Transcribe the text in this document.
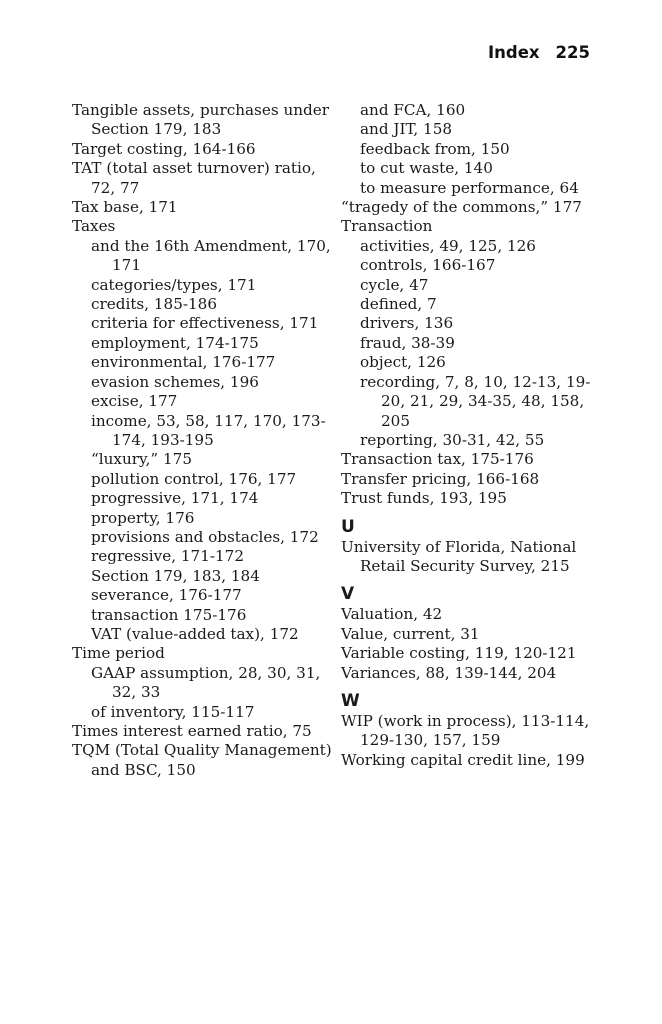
Index 225
Tangible assets, purchases under Section 179, 183
Target costing, 164-166
TAT (total asset turnover) ratio, 72, 77
Tax base, 171
Taxes
and the 16th Amendment, 170, 171
categories/types, 171
credits, 185-186
criteria for effectiveness, 171
employment, 174-175
environmental, 176-177
evasion schemes, 196
excise, 177
income, 53, 58, 117, 170, 173-174, 193-195
“luxury,” 175
pollution control, 176, 177
progressive, 171, 174
property, 176
provisions and obstacles, 172
regressive, 171-172
Section 179, 183, 184
severance, 176-177
transaction 175-176
VAT (value-added tax), 172
Time period
GAAP assumption, 28, 30, 31, 32, 33
of inventory, 115-117
Times interest earned ratio, 75
TQM (Total Quality Management)
and BSC, 150
and FCA, 160
and JIT, 158
feedback from, 150
to cut waste, 140
to measure performance, 64
“tragedy of the commons,” 177
Transaction
activities, 49, 125, 126
controls, 166-167
cycle, 47
defined, 7
drivers, 136
fraud, 38-39
object, 126
recording, 7, 8, 10, 12-13, 19-20, 21, 29, 34-35, 48, 158, 205
reporting, 30-31, 42, 55
Transaction tax, 175-176
Transfer pricing, 166-168
Trust funds, 193, 195
U
University of Florida, National Retail Security Survey, 215
V
Valuation, 42
Value, current, 31
Variable costing, 119, 120-121
Variances, 88, 139-144, 204
W
WIP (work in process), 113-114, 129-130, 157, 159
Working capital credit line, 199
